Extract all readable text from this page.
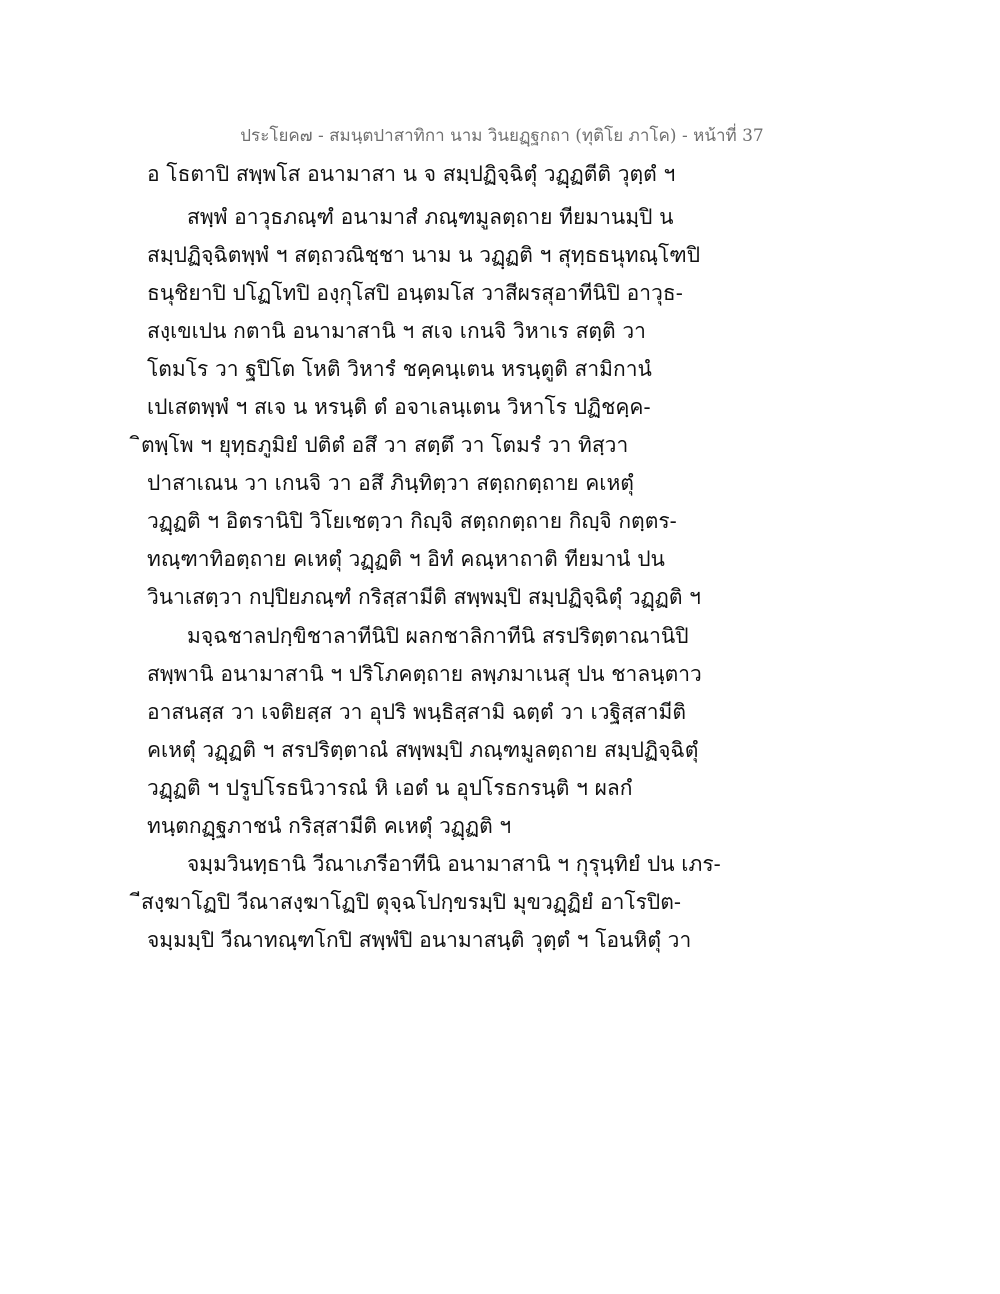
ประโยค๗ - สมนฺตปาสาทิกา นาม วินยฏฺฐกถา (ทุติโย ภาโค) - หน้าที่ 37
อ โธตาปิ สพฺพโส อนามาสา น จ สมฺปฏิจฺฉิตุํ วฏฺฏตีติ วุตฺตํ ฯ
สพฺพํ อาวุธภณฺฑํ อนามาสํ ภณฺฑมูลตฺถาย ทียมานมฺปิ น
สมฺปฏิจฺฉิตพฺพํ ฯ สตฺถวณิชฺชา นาม น วฏฺฏติ ฯ สุทฺธธนุทณฺโฑปิ
ธนุชิยาปิ ปโฏโทปิ องฺกุโสปิ อนฺตมโส วาสีผรสุอาทีนิปิ อาวุธ-
สงฺเขเปน กตานิ อนามาสานิ ฯ สเจ เกนจิ วิหาเร สตฺติ วา
โตมโร วา ฐปิโต โหติ วิหารํ ชคฺคนฺเตน หรนฺตูติ สามิกานํ
เปเสตพฺพํ ฯ สเจ น หรนฺติ ตํ อจาเลนฺเตน วิหาโร ปฏิชคฺค-
ิตพฺโพ ฯ ยุทฺธภูมิยํ ปติตํ อสึ วา สตฺตึ วา โตมรํ วา ทิสฺวา
ปาสาเณน วา เกนจิ วา อสึ ภินฺทิตฺวา สตฺถกตฺถาย คเหตุํ
วฏฺฏติ ฯ อิตรานิปิ วิโยเชตฺวา กิญฺจิ สตฺถกตฺถาย กิญฺจิ กตฺตร-
ทณฺฑาทิอตฺถาย คเหตุํ วฏฺฏติ ฯ อิทํ คณฺหาถาติ ทียมานํ ปน
วินาเสตฺวา กปฺปิยภณฺฑํ กริสฺสามีติ สพฺพมฺปิ สมฺปฏิจฺฉิตุํ วฏฺฏติ ฯ
มจฺฉชาลปกฺขิชาลาทีนิปิ ผลกชาลิกาทีนิ สรปริตฺตาณานิปิ
สพฺพานิ อนามาสานิ ฯ ปริโภคตฺถาย ลพฺภมาเนสุ ปน ชาลนฺตาว
อาสนสฺส วา เจติยสฺส วา อุปริ พนฺธิสฺสามิ ฉตฺตํ วา เวฐิสฺสามีติ
คเหตุํ วฏฺฏติ ฯ สรปริตฺตาณํ สพฺพมฺปิ ภณฺฑมูลตฺถาย สมฺปฏิจฺฉิตุํ
วฏฺฏติ ฯ ปรูปโรธนิวารณํ หิ เอตํ น อุปโรธกรนฺติ ฯ ผลกํ
ทนฺตกฏฺฐภาชนํ กริสฺสามีติ คเหตุํ วฏฺฏติ ฯ
จมฺมวินทฺธานิ วีณาเภรีอาทีนิ อนามาสานิ ฯ กุรุนฺทิยํ ปน เภร-
ีสงฺฆาโฏปิ วีณาสงฺฆาโฏปิ ตุจฺฉโปกฺขรมฺปิ มุขวฏฺฏิยํ อาโรปิต-
จมฺมมฺปิ วีณาทณฺฑโกปิ สพฺพํปิ อนามาสนฺติ วุตฺตํ ฯ โอนหิตุํ วา
